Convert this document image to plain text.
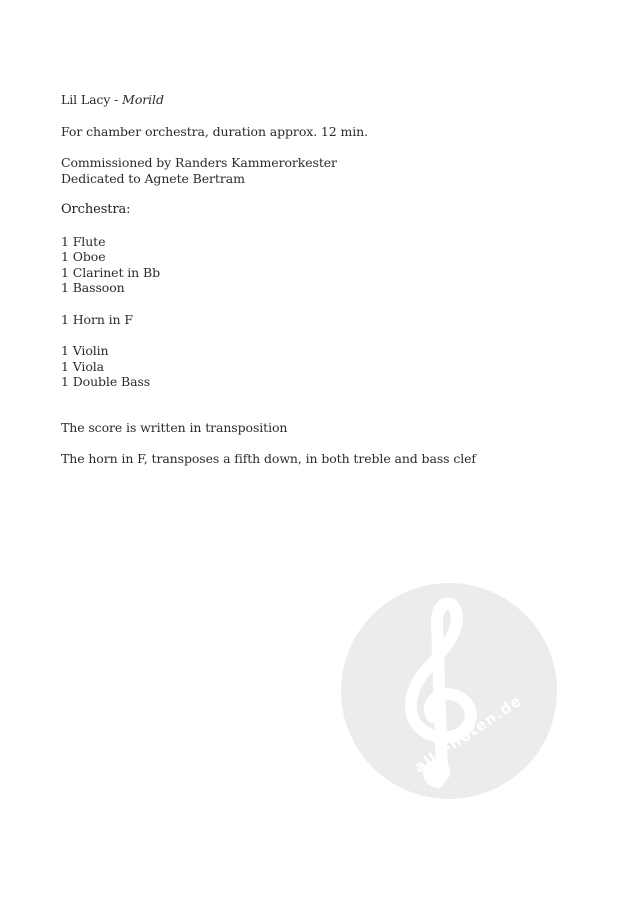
Lil Lacy - Morild
For chamber orchestra, duration approx. 12 min.
Commissioned by Randers Kammerorkester
Dedicated to Agnete Bertram
Orchestra:
1 Flute
1 Oboe
1 Clarinet in Bb
1 Bassoon
1 Horn in F
1 Violin
1 Viola
1 Double Bass
The score is written in transposition
The horn in F, transposes a fifth down, in both treble and bass clef
alle-noten.de
